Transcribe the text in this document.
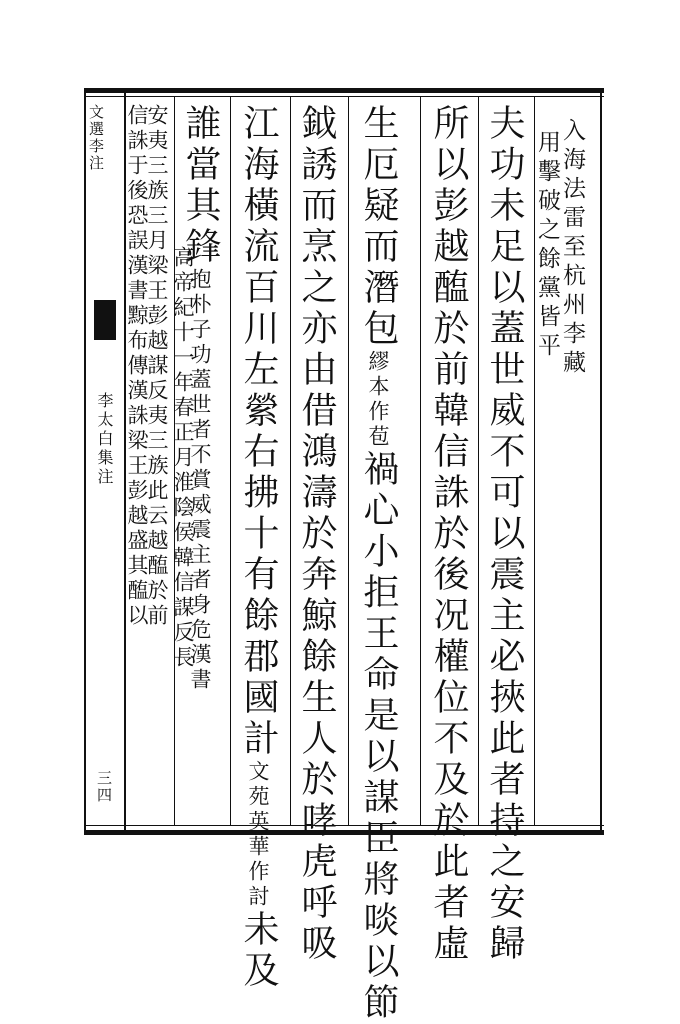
文選李注
李太白集注
三四
入海法雷至杭州李藏
用擊破之餘黨皆平
夫功未足以蓋世威不可以震主必挾此者持之安歸
所以彭越醢於前韓信誅於後况權位不及於此者虛
生厄疑而潛包繆本作苞禍心小拒王命是以謀臣將啖以節
鉞誘而烹之亦由借鴻濤於奔鯨餘生人於哮虎呼吸
江海橫流百川左縈右拂十有餘郡國計文苑英華作討未及
誰當其鋒抱朴子功蓋世者不賞威震主者身危漢書
高帝紀十一年春正月淮陰侯韓信謀反長
安夷三族三月梁王彭越謀反夷三族此云越醢於前
信誅于後恐誤漢書黥布傳漢誅梁王彭越盛其醢以
